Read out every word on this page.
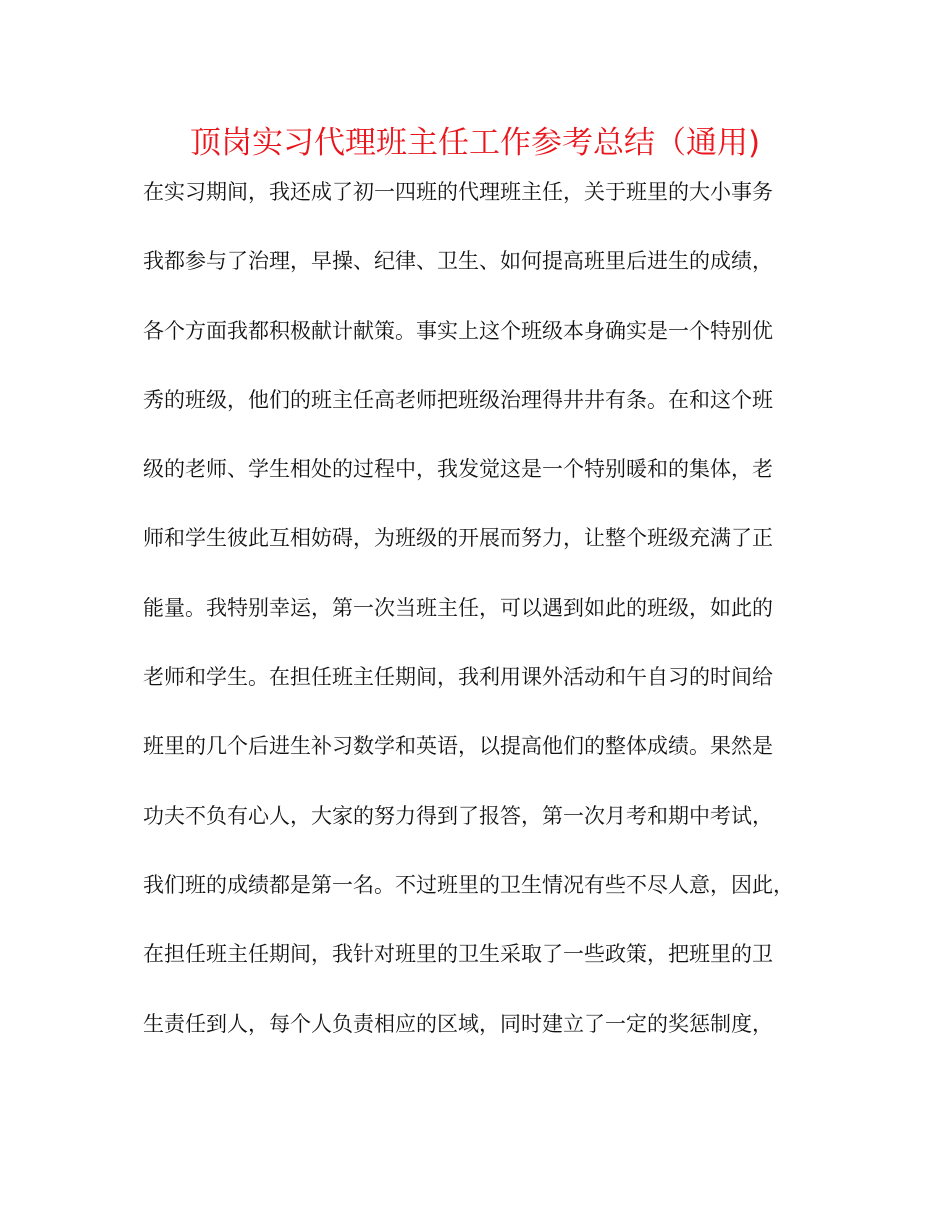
顶岗实习代理班主任工作参考总结（通用)
在实习期间，我还成了初一四班的代理班主任，关于班里的大小事务
我都参与了治理，早操、纪律、卫生、如何提高班里后进生的成绩，
各个方面我都积极献计献策。事实上这个班级本身确实是一个特别优
秀的班级，他们的班主任高老师把班级治理得井井有条。在和这个班
级的老师、学生相处的过程中，我发觉这是一个特别暖和的集体，老
师和学生彼此互相妨碍，为班级的开展而努力，让整个班级充满了正
能量。我特别幸运，第一次当班主任，可以遇到如此的班级，如此的
老师和学生。在担任班主任期间，我利用课外活动和午自习的时间给
班里的几个后进生补习数学和英语，以提高他们的整体成绩。果然是
功夫不负有心人，大家的努力得到了报答，第一次月考和期中考试，
我们班的成绩都是第一名。不过班里的卫生情况有些不尽人意，因此，
在担任班主任期间，我针对班里的卫生采取了一些政策，把班里的卫
生责任到人，每个人负责相应的区域，同时建立了一定的奖惩制度，
